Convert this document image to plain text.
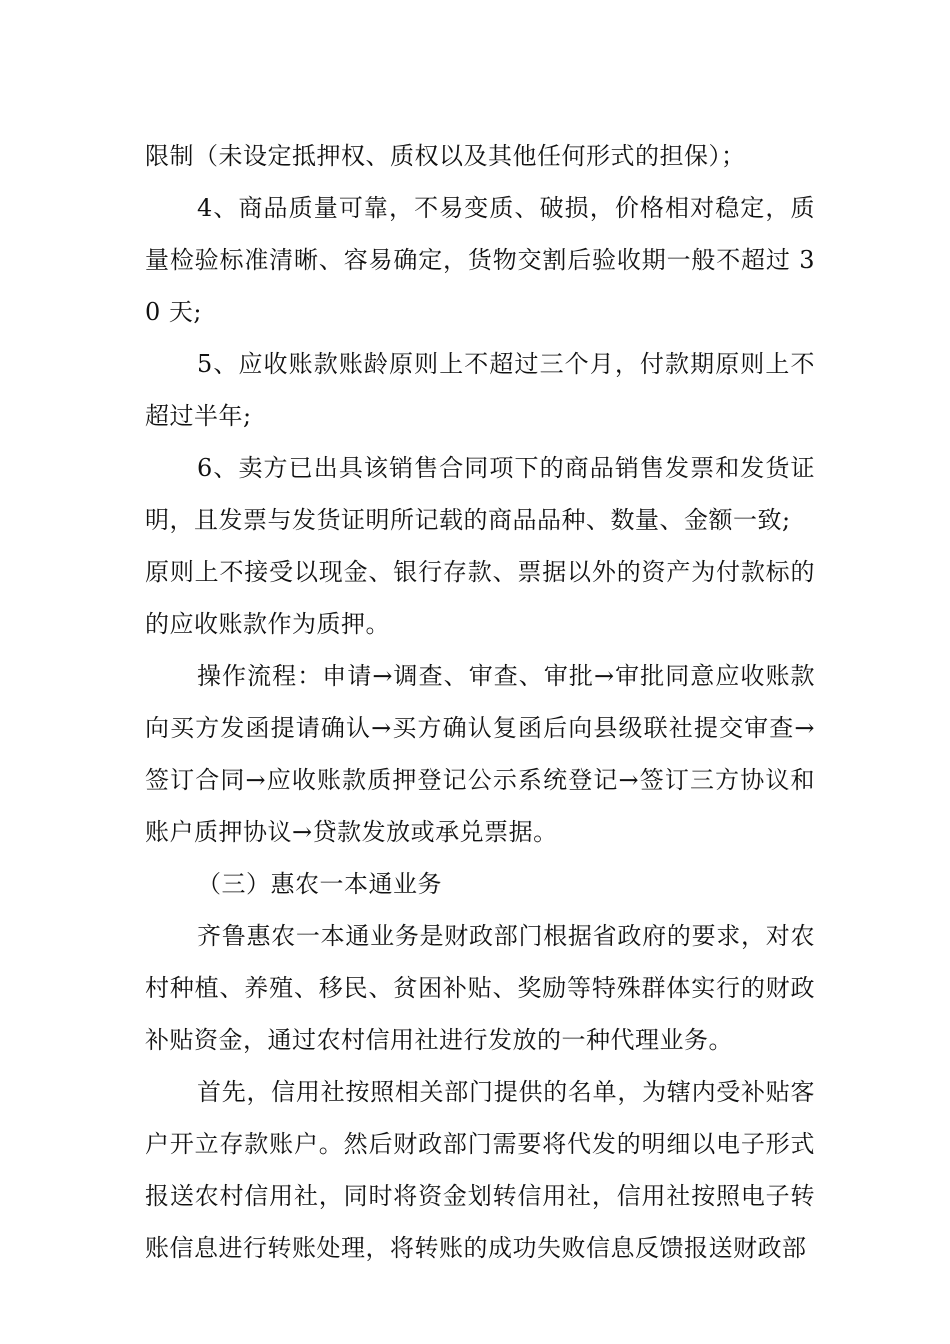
限制（未设定抵押权、质权以及其他任何形式的担保）；

4、商品质量可靠，不易变质、破损，价格相对稳定，质量检验标准清晰、容易确定，货物交割后验收期一般不超过 30 天;

5、应收账款账龄原则上不超过三个月，付款期原则上不超过半年;

6、卖方已出具该销售合同项下的商品销售发票和发货证明，且发票与发货证明所记载的商品品种、数量、金额一致;

原则上不接受以现金、银行存款、票据以外的资产为付款标的的应收账款作为质押。

操作流程：申请→调查、审查、审批→审批同意应收账款向买方发函提请确认→买方确认复函后向县级联社提交审查→签订合同→应收账款质押登记公示系统登记→签订三方协议和账户质押协议→贷款发放或承兑票据。

（三）惠农一本通业务

齐鲁惠农一本通业务是财政部门根据省政府的要求，对农村种植、养殖、移民、贫困补贴、奖励等特殊群体实行的财政补贴资金，通过农村信用社进行发放的一种代理业务。

首先，信用社按照相关部门提供的名单，为辖内受补贴客户开立存款账户。然后财政部门需要将代发的明细以电子形式报送农村信用社，同时将资金划转信用社，信用社按照电子转账信息进行转账处理，将转账的成功失败信息反馈报送财政部
